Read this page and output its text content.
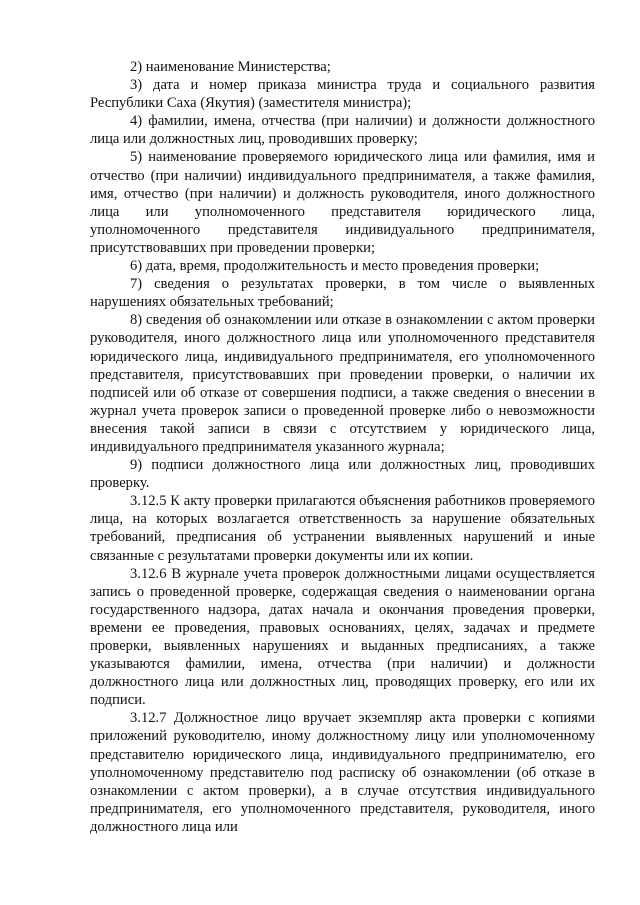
2) наименование Министерства;

3) дата и номер приказа министра труда и социального развития Республики Саха (Якутия) (заместителя министра);

4) фамилии, имена, отчества (при наличии) и должности должностного лица или должностных лиц, проводивших проверку;

5) наименование проверяемого юридического лица или фамилия, имя и отчество (при наличии) индивидуального предпринимателя, а также фамилия, имя, отчество (при наличии) и должность руководителя, иного должностного лица или уполномоченного представителя юридического лица, уполномоченного представителя индивидуального предпринимателя, присутствовавших при проведении проверки;

6) дата, время, продолжительность и место проведения проверки;

7) сведения о результатах проверки, в том числе о выявленных нарушениях обязательных требований;

8) сведения об ознакомлении или отказе в ознакомлении с актом проверки руководителя, иного должностного лица или уполномоченного представителя юридического лица, индивидуального предпринимателя, его уполномоченного представителя, присутствовавших при проведении проверки, о наличии их подписей или об отказе от совершения подписи, а также сведения о внесении в журнал учета проверок записи о проведенной проверке либо о невозможности внесения такой записи в связи с отсутствием у юридического лица, индивидуального предпринимателя указанного журнала;

9) подписи должностного лица или должностных лиц, проводивших проверку.

3.12.5 К акту проверки прилагаются объяснения работников проверяемого лица, на которых возлагается ответственность за нарушение обязательных требований, предписания об устранении выявленных нарушений и иные связанные с результатами проверки документы или их копии.

3.12.6 В журнале учета проверок должностными лицами осуществляется запись о проведенной проверке, содержащая сведения о наименовании органа государственного надзора, датах начала и окончания проведения проверки, времени ее проведения, правовых основаниях, целях, задачах и предмете проверки, выявленных нарушениях и выданных предписаниях, а также указываются фамилии, имена, отчества (при наличии) и должности должностного лица или должностных лиц, проводящих проверку, его или их подписи.

3.12.7 Должностное лицо вручает экземпляр акта проверки с копиями приложений руководителю, иному должностному лицу или уполномоченному представителю юридического лица, индивидуального предпринимателю, его уполномоченному представителю под расписку об ознакомлении (об отказе в ознакомлении с актом проверки), а в случае отсутствия индивидуального предпринимателя, его уполномоченного представителя, руководителя, иного должностного лица или
